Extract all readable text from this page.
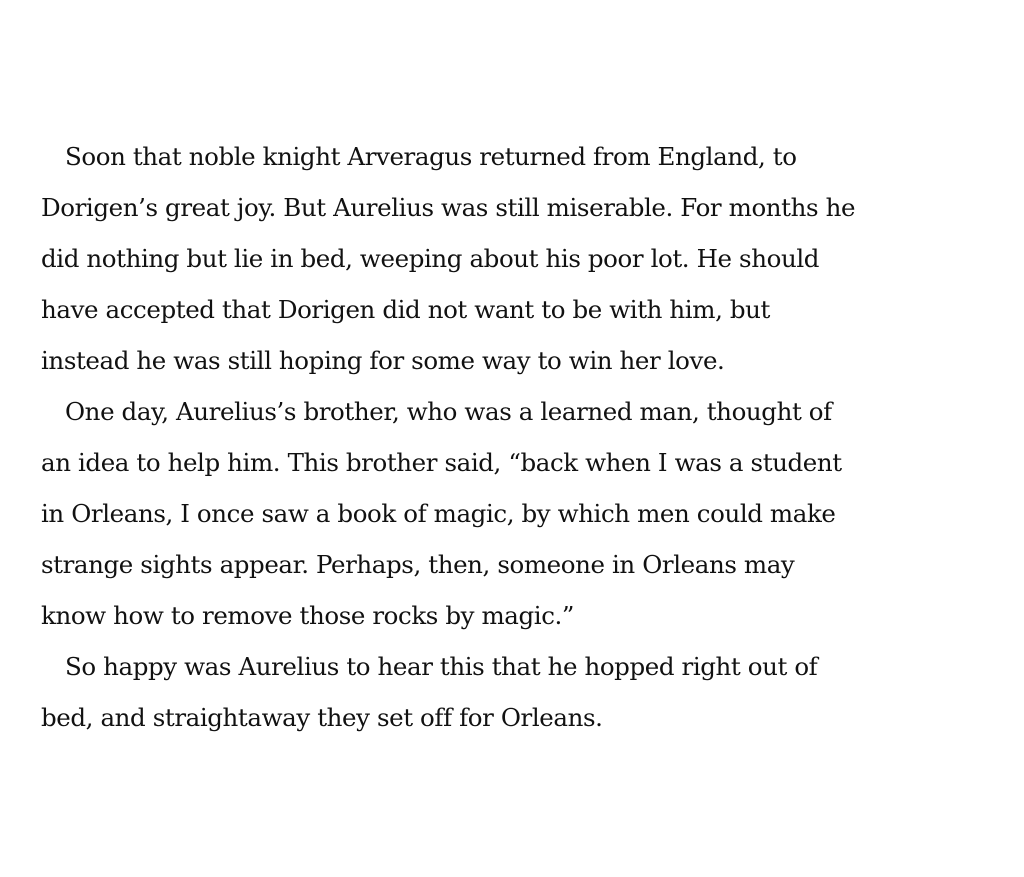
Soon that noble knight Arveragus returned from England, to
Dorigen’s great joy. But Aurelius was still miserable. For months he
did nothing but lie in bed, weeping about his poor lot. He should
have accepted that Dorigen did not want to be with him, but
instead he was still hoping for some way to win her love.
One day, Aurelius’s brother, who was a learned man, thought of
an idea to help him. This brother said, “back when I was a student
in Orleans, I once saw a book of magic, by which men could make
strange sights appear. Perhaps, then, someone in Orleans may
know how to remove those rocks by magic.”
So happy was Aurelius to hear this that he hopped right out of
bed, and straightaway they set off for Orleans.
